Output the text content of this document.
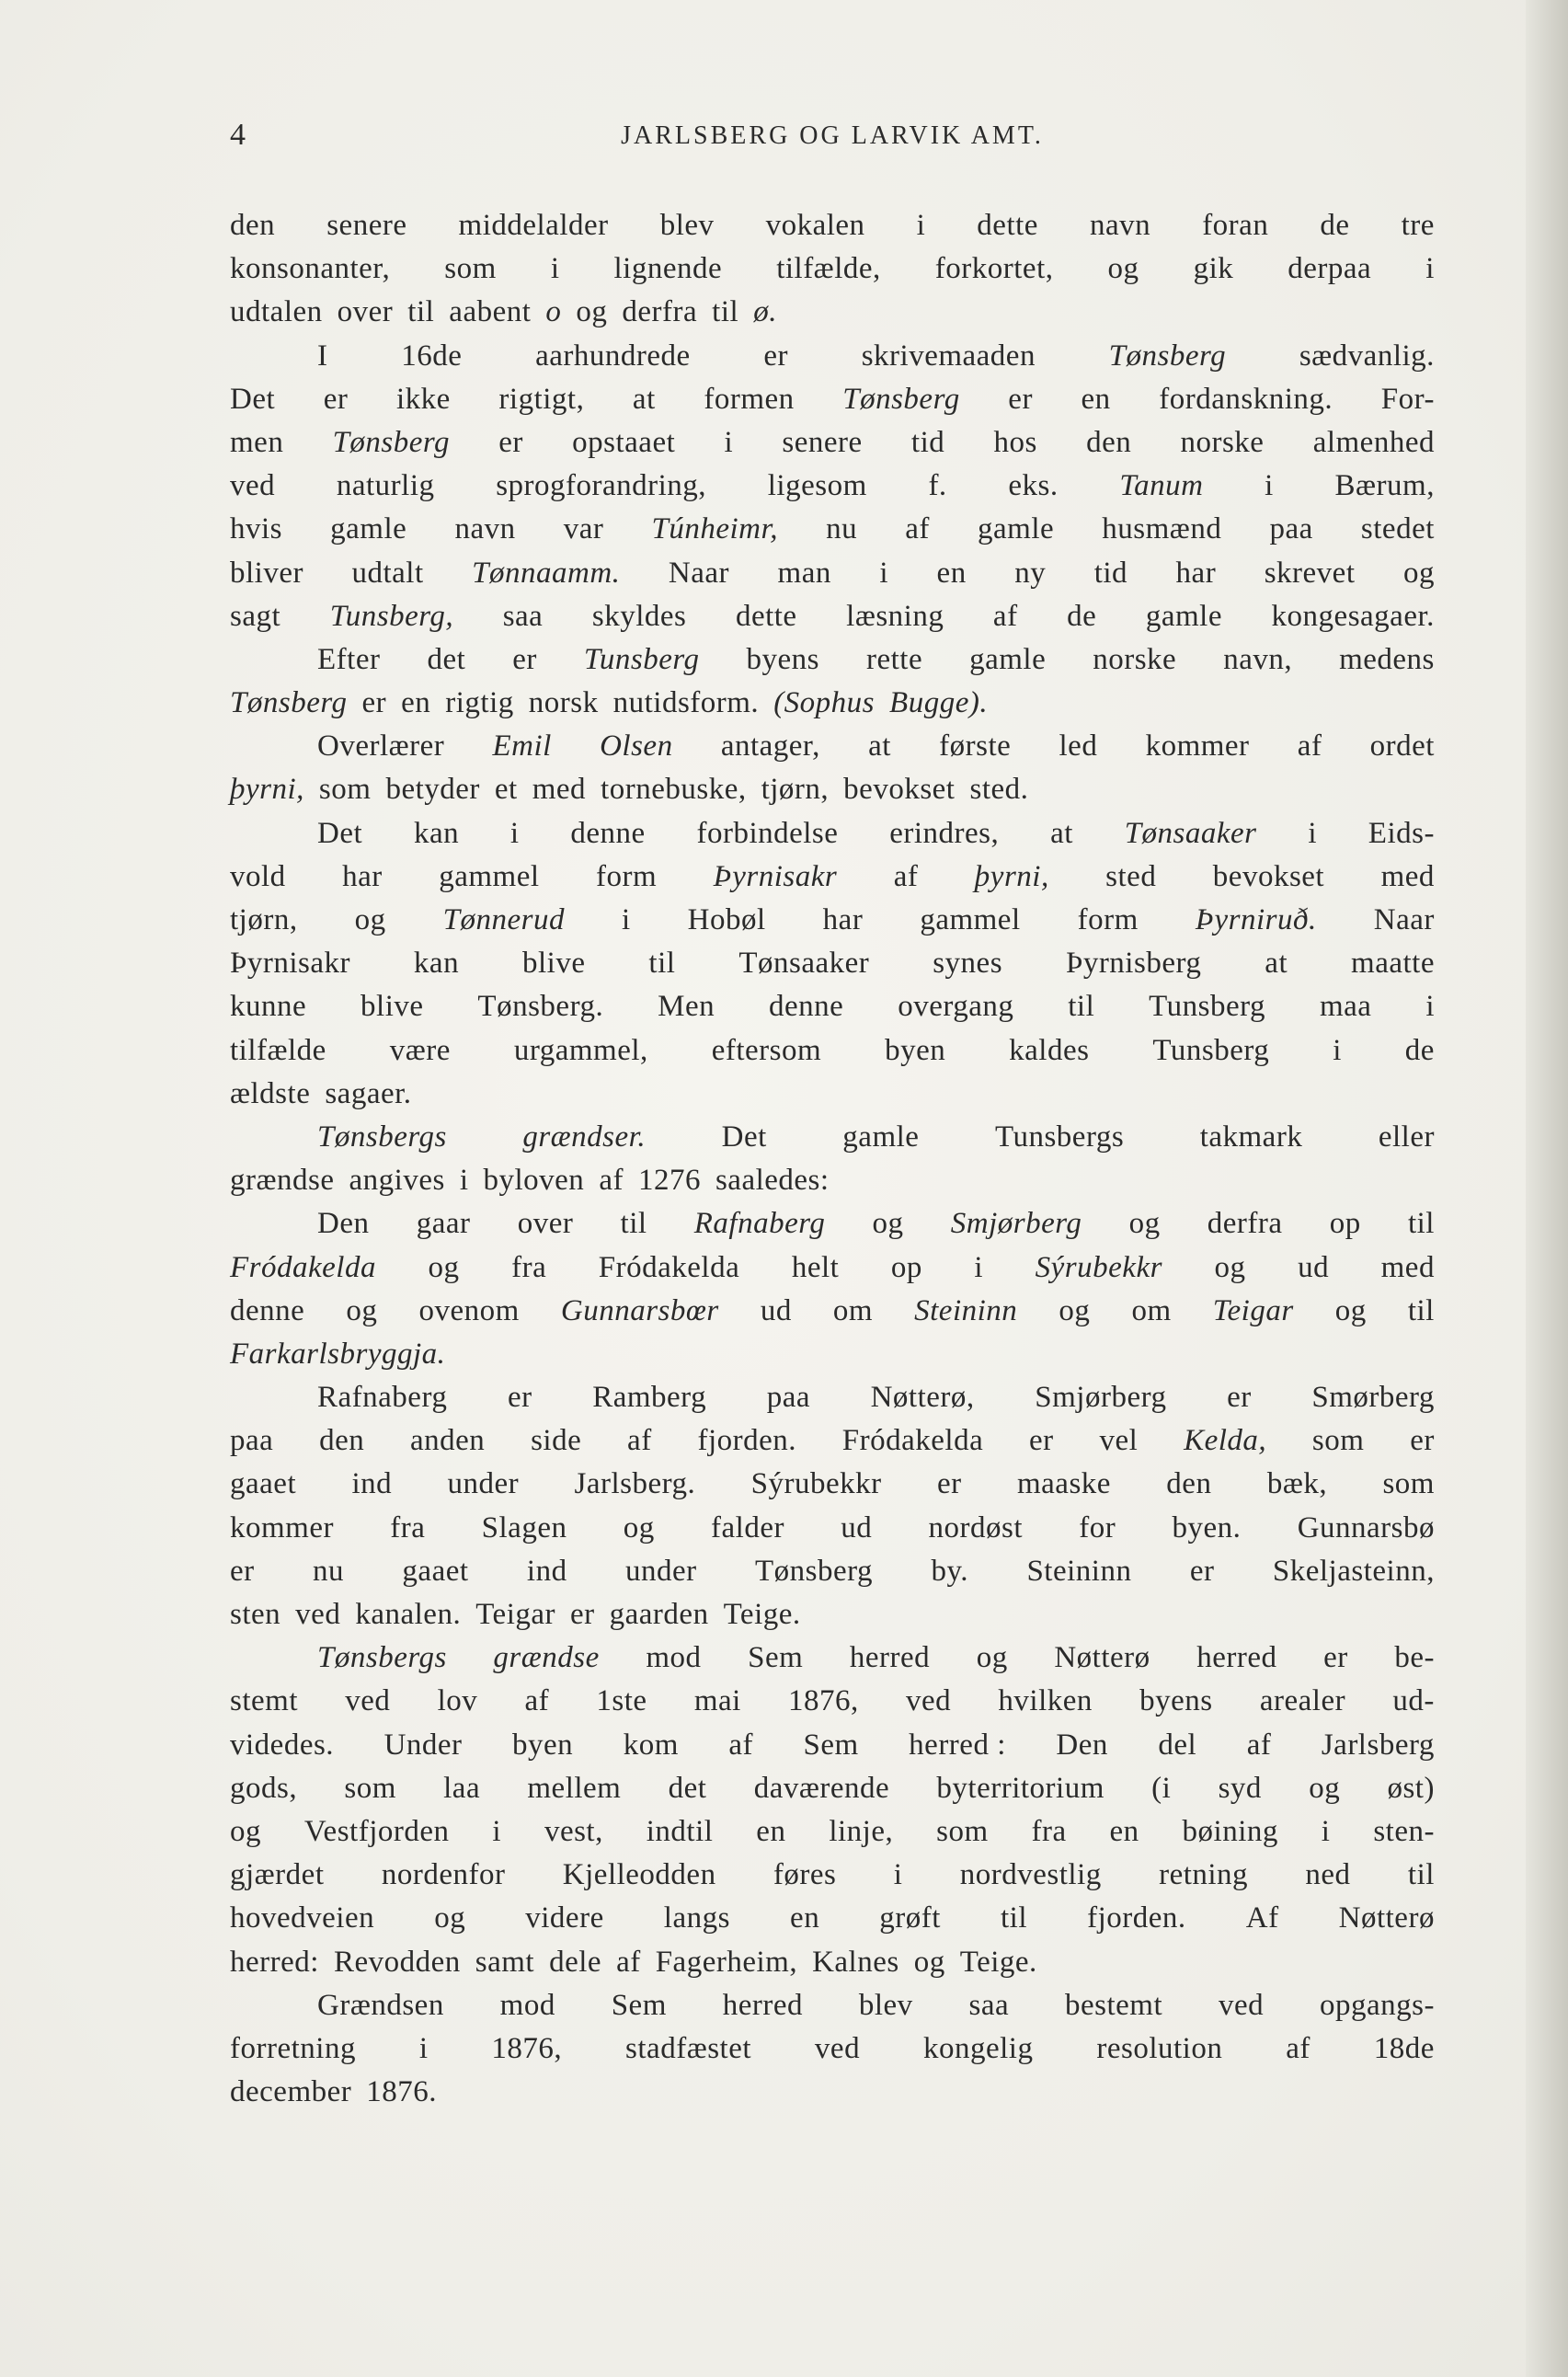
4	JARLSBERG OG LARVIK AMT.
den senere middelalder blev vokalen i dette navn foran de tre
konsonanter, som i lignende tilfælde, forkortet, og gik derpaa i
udtalen over til aabent o og derfra til ø.
I 16de aarhundrede er skrivemaaden Tønsberg sædvanlig.
Det er ikke rigtigt, at formen Tønsberg er en fordanskning. For-
men Tønsberg er opstaaet i senere tid hos den norske almenhed
ved naturlig sprogforandring, ligesom f. eks. Tanum i Bærum,
hvis gamle navn var Túnheimr, nu af gamle husmænd paa stedet
bliver udtalt Tønnaamm. Naar man i en ny tid har skrevet og
sagt Tunsberg, saa skyldes dette læsning af de gamle kongesagaer.
Efter det er Tunsberg byens rette gamle norske navn, medens
Tønsberg er en rigtig norsk nutidsform. (Sophus Bugge).
Overlærer Emil Olsen antager, at første led kommer af ordet
þyrni, som betyder et med tornebuske, tjørn, bevokset sted.
Det kan i denne forbindelse erindres, at Tønsaaker i Eids-
vold har gammel form Þyrnisakr af þyrni, sted bevokset med
tjørn, og Tønnerud i Hobøl har gammel form Þyrniruð. Naar
Þyrnisakr kan blive til Tønsaaker synes Þyrnisberg at maatte
kunne blive Tønsberg. Men denne overgang til Tunsberg maa i
tilfælde være urgammel, eftersom byen kaldes Tunsberg i de
ældste sagaer.
Tønsbergs	grændser.	Det	gamle	Tunsbergs	takmark	eller
grændse angives i byloven af 1276 saaledes:
Den gaar over til Rafnaberg og Smjørberg og derfra op til
Fródakelda og fra Fródakelda helt op i Sýrubekkr og ud med
denne og ovenom Gunnarsbœr ud om Steininn og om Teigar og til
Farkarlsbryggja.
Rafnaberg er Ramberg paa Nøtterø, Smjørberg er Smørberg
paa den anden side af fjorden. Fródakelda er vel Kelda, som er
gaaet ind under Jarlsberg. Sýrubekkr er maaske den bæk, som
kommer fra Slagen og falder ud nordøst for byen. Gunnarsbø
er nu gaaet ind under Tønsberg by. Steininn er Skeljasteinn,
sten ved kanalen. Teigar er gaarden Teige.
Tønsbergs grændse mod Sem herred og Nøtterø herred er be-
stemt ved lov af 1ste mai 1876, ved hvilken byens arealer ud-
videdes. Under byen kom af Sem herred : Den del af Jarlsberg
gods, som laa mellem det daværende byterritorium (i syd og øst)
og Vestfjorden i vest, indtil en linje, som fra en bøining i sten-
gjærdet nordenfor Kjelleodden føres i nordvestlig retning ned til
hovedveien og videre langs en grøft til fjorden. Af Nøtterø
herred: Revodden samt dele af Fagerheim, Kalnes og Teige.
Grændsen mod Sem herred blev saa bestemt ved opgangs-
forretning i 1876, stadfæstet ved kongelig resolution af 18de
december 1876.
